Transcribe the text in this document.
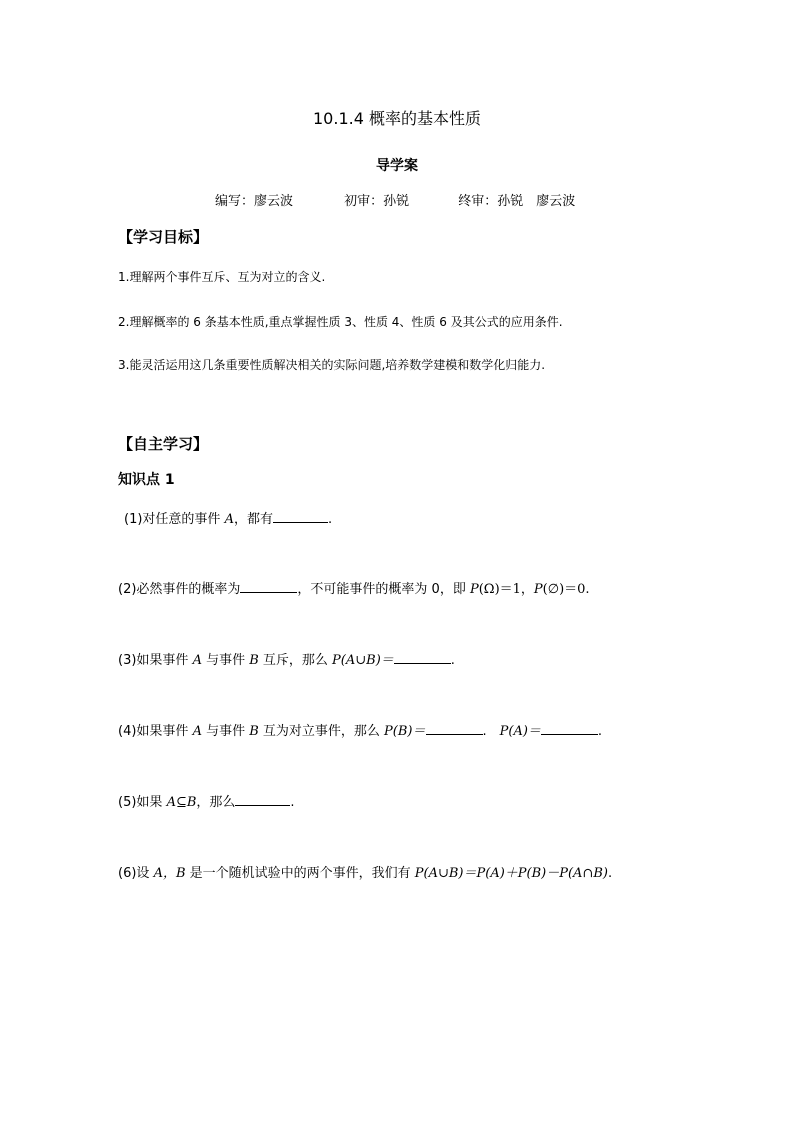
10.1.4 概率的基本性质
导学案
编写：廖云波	初审：孙锐	终审：孙锐　廖云波
【学习目标】
1.理解两个事件互斥、互为对立的含义.
2.理解概率的 6 条基本性质,重点掌握性质 3、性质 4、性质 6 及其公式的应用条件.
3.能灵活运用这几条重要性质解决相关的实际问题,培养数学建模和数学化归能力.
【自主学习】
知识点 1
(1)对任意的事件 A，都有	.
(2)必然事件的概率为	，不可能事件的概率为 0，即 P(Ω)＝1，P(∅)＝0.
(3)如果事件 A 与事件 B 互斥，那么 P(A∪B)＝	.
(4)如果事件 A 与事件 B 互为对立事件，那么 P(B)＝	.　P(A)＝	.
(5)如果 A⊆B，那么	.
(6)设 A，B 是一个随机试验中的两个事件，我们有 P(A∪B)＝P(A)＋P(B)－P(A∩B).
